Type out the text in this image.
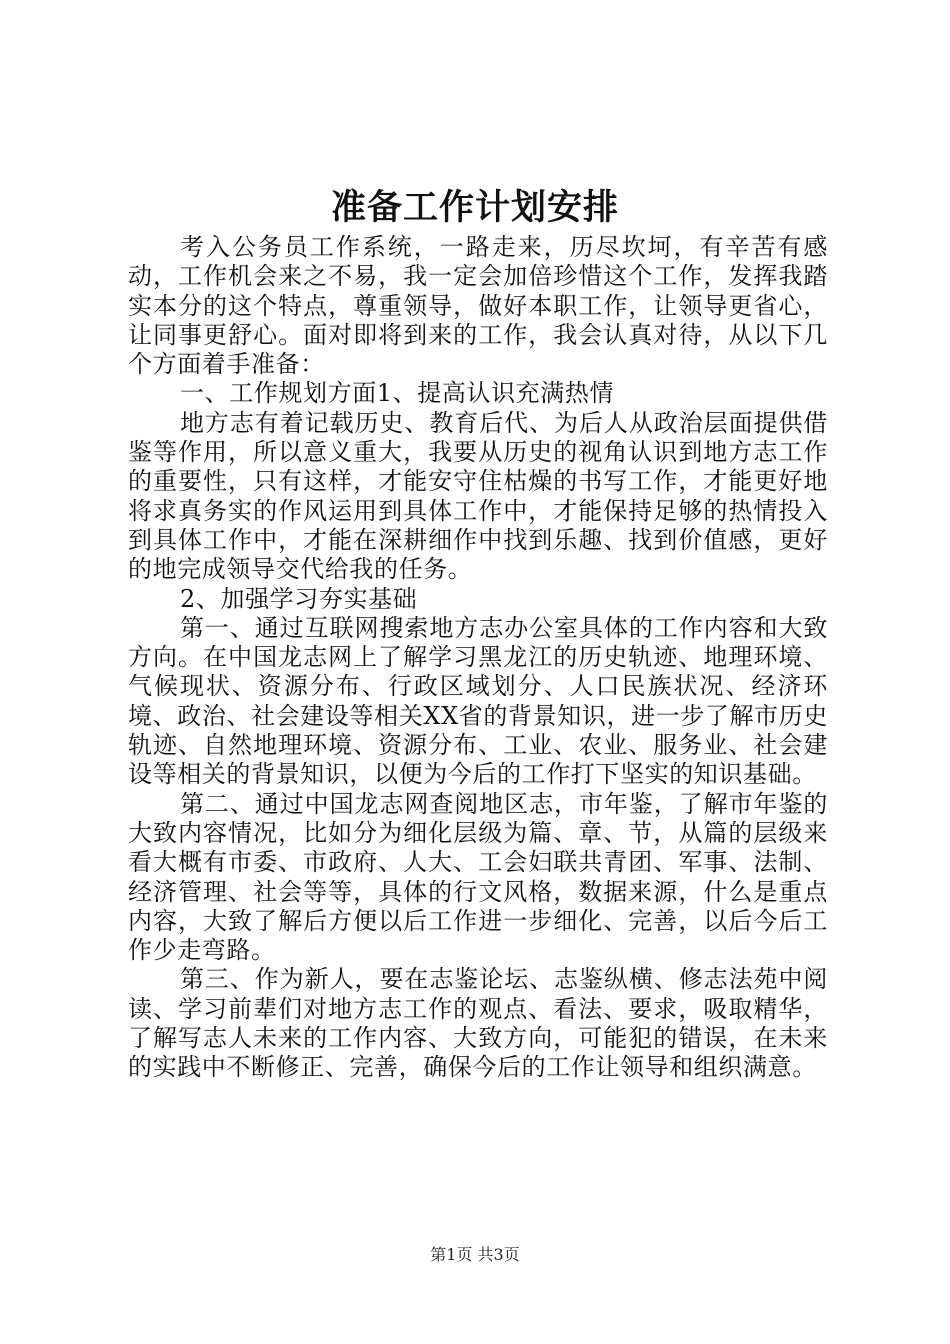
准备工作计划安排

考入公务员工作系统，一路走来，历尽坎坷，有辛苦有感动，工作机会来之不易，我一定会加倍珍惜这个工作，发挥我踏实本分的这个特点，尊重领导，做好本职工作，让领导更省心，让同事更舒心。面对即将到来的工作，我会认真对待，从以下几个方面着手准备：

一、工作规划方面1、提高认识充满热情

地方志有着记载历史、教育后代、为后人从政治层面提供借鉴等作用，所以意义重大，我要从历史的视角认识到地方志工作的重要性，只有这样，才能安守住枯燥的书写工作，才能更好地将求真务实的作风运用到具体工作中，才能保持足够的热情投入到具体工作中，才能在深耕细作中找到乐趣、找到价值感，更好的地完成领导交代给我的任务。

2、加强学习夯实基础

第一、通过互联网搜索地方志办公室具体的工作内容和大致方向。在中国龙志网上了解学习黑龙江的历史轨迹、地理环境、气候现状、资源分布、行政区域划分、人口民族状况、经济环境、政治、社会建设等相关XX省的背景知识，进一步了解市历史轨迹、自然地理环境、资源分布、工业、农业、服务业、社会建设等相关的背景知识，以便为今后的工作打下坚实的知识基础。

第二、通过中国龙志网查阅地区志，市年鉴，了解市年鉴的大致内容情况，比如分为细化层级为篇、章、节，从篇的层级来看大概有市委、市政府、人大、工会妇联共青团、军事、法制、经济管理、社会等等，具体的行文风格，数据来源，什么是重点内容，大致了解后方便以后工作进一步细化、完善，以后今后工作少走弯路。

第三、作为新人，要在志鉴论坛、志鉴纵横、修志法苑中阅读、学习前辈们对地方志工作的观点、看法、要求，吸取精华，了解写志人未来的工作内容、大致方向，可能犯的错误，在未来的实践中不断修正、完善，确保今后的工作让领导和组织满意。

第1页 共3页
